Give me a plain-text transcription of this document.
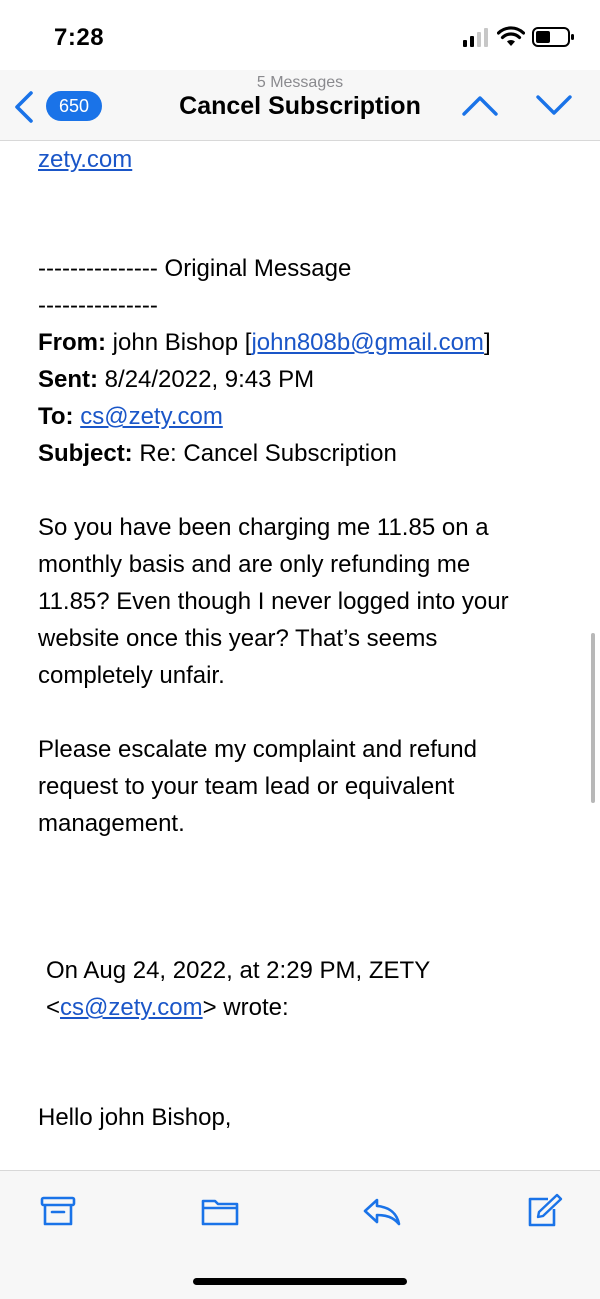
7:28
650
5 Messages
Cancel Subscription
zety.com
--------------- Original Message
---------------
From: john Bishop [john808b@gmail.com]
Sent: 8/24/2022, 9:43 PM
To: cs@zety.com
Subject: Re: Cancel Subscription
So you have been charging me 11.85 on a
monthly basis and are only refunding me
11.85? Even though I never logged into your
website once this year? That’s seems
completely unfair.
Please escalate my complaint and refund
request to your team lead or equivalent
management.
On Aug 24, 2022, at 2:29 PM, ZETY
<cs@zety.com> wrote:
Hello john Bishop,
